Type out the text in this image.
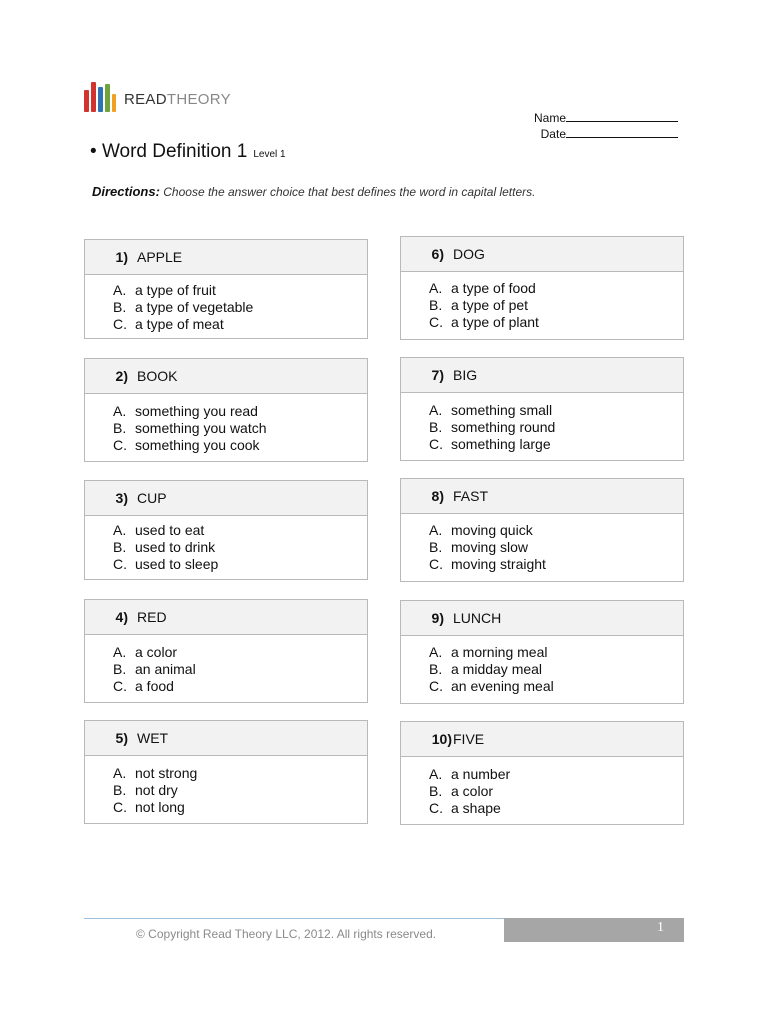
READTHEORY
Name
Date
• Word Definition 1 Level 1
Directions: Choose the answer choice that best defines the word in capital letters.
1) APPLE
A. a type of fruit
B. a type of vegetable
C. a type of meat
2) BOOK
A. something you read
B. something you watch
C. something you cook
3) CUP
A. used to eat
B. used to drink
C. used to sleep
4) RED
A. a color
B. an animal
C. a food
5) WET
A. not strong
B. not dry
C. not long
6) DOG
A. a type of food
B. a type of pet
C. a type of plant
7) BIG
A. something small
B. something round
C. something large
8) FAST
A. moving quick
B. moving slow
C. moving straight
9) LUNCH
A. a morning meal
B. a midday meal
C. an evening meal
10) FIVE
A. a number
B. a color
C. a shape
1
© Copyright Read Theory LLC, 2012. All rights reserved.
